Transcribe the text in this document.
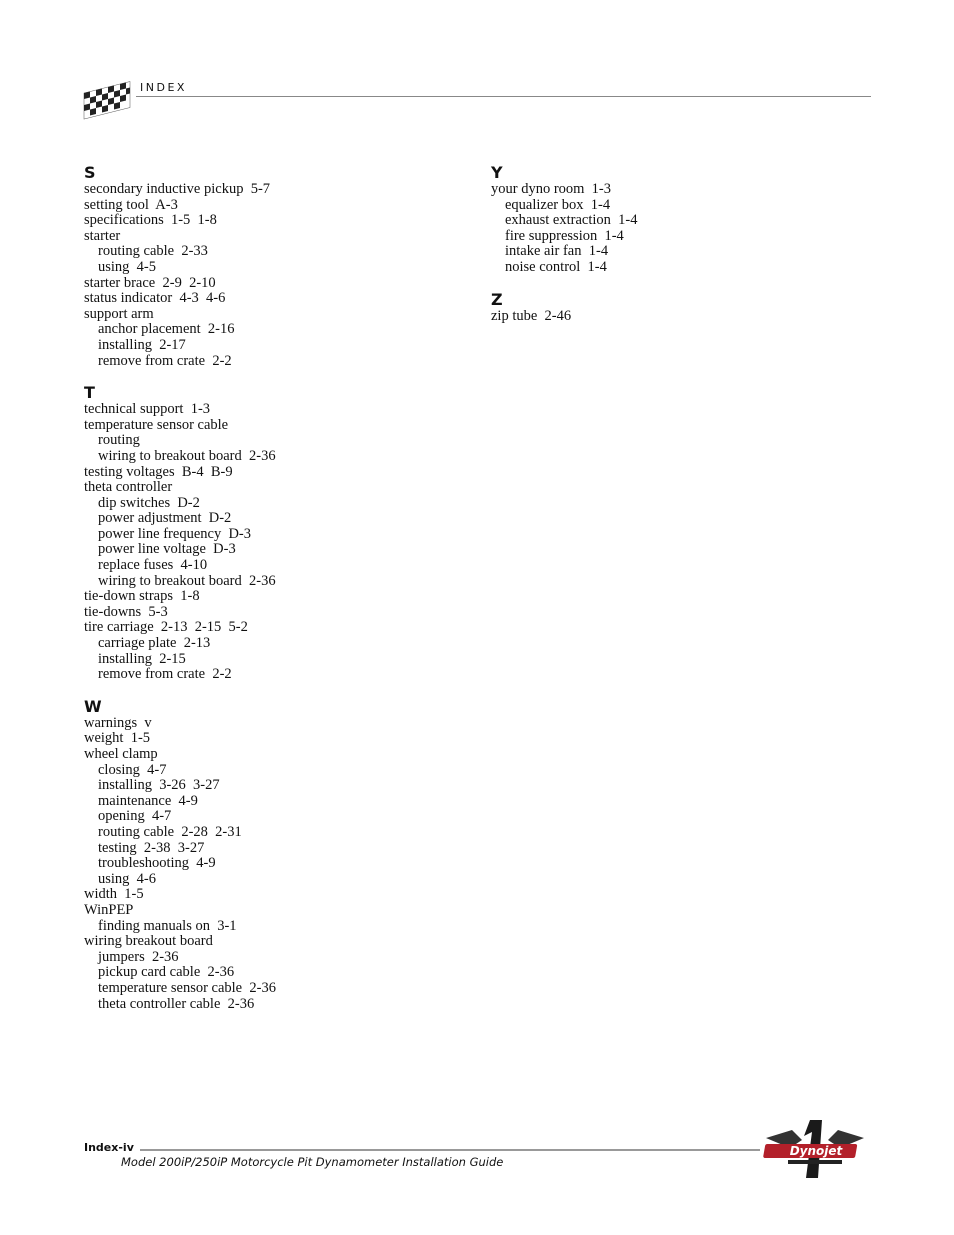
INDEX
S
secondary inductive pickup  5-7
setting tool  A-3
specifications  1-5  1-8
starter
routing cable  2-33
using  4-5
starter brace  2-9  2-10
status indicator  4-3  4-6
support arm
anchor placement  2-16
installing  2-17
remove from crate  2-2
T
technical support  1-3
temperature sensor cable
routing
wiring to breakout board  2-36
testing voltages  B-4  B-9
theta controller
dip switches  D-2
power adjustment  D-2
power line frequency  D-3
power line voltage  D-3
replace fuses  4-10
wiring to breakout board  2-36
tie-down straps  1-8
tie-downs  5-3
tire carriage  2-13  2-15  5-2
carriage plate  2-13
installing  2-15
remove from crate  2-2
W
warnings  v
weight  1-5
wheel clamp
closing  4-7
installing  3-26  3-27
maintenance  4-9
opening  4-7
routing cable  2-28  2-31
testing  2-38  3-27
troubleshooting  4-9
using  4-6
width  1-5
WinPEP
finding manuals on  3-1
wiring breakout board
jumpers  2-36
pickup card cable  2-36
temperature sensor cable  2-36
theta controller cable  2-36
Y
your dyno room  1-3
equalizer box  1-4
exhaust extraction  1-4
fire suppression  1-4
intake air fan  1-4
noise control  1-4
Z
zip tube  2-46
Index-iv
Model 200iP/250iP Motorcycle Pit Dynamometer Installation Guide
Dynojet
